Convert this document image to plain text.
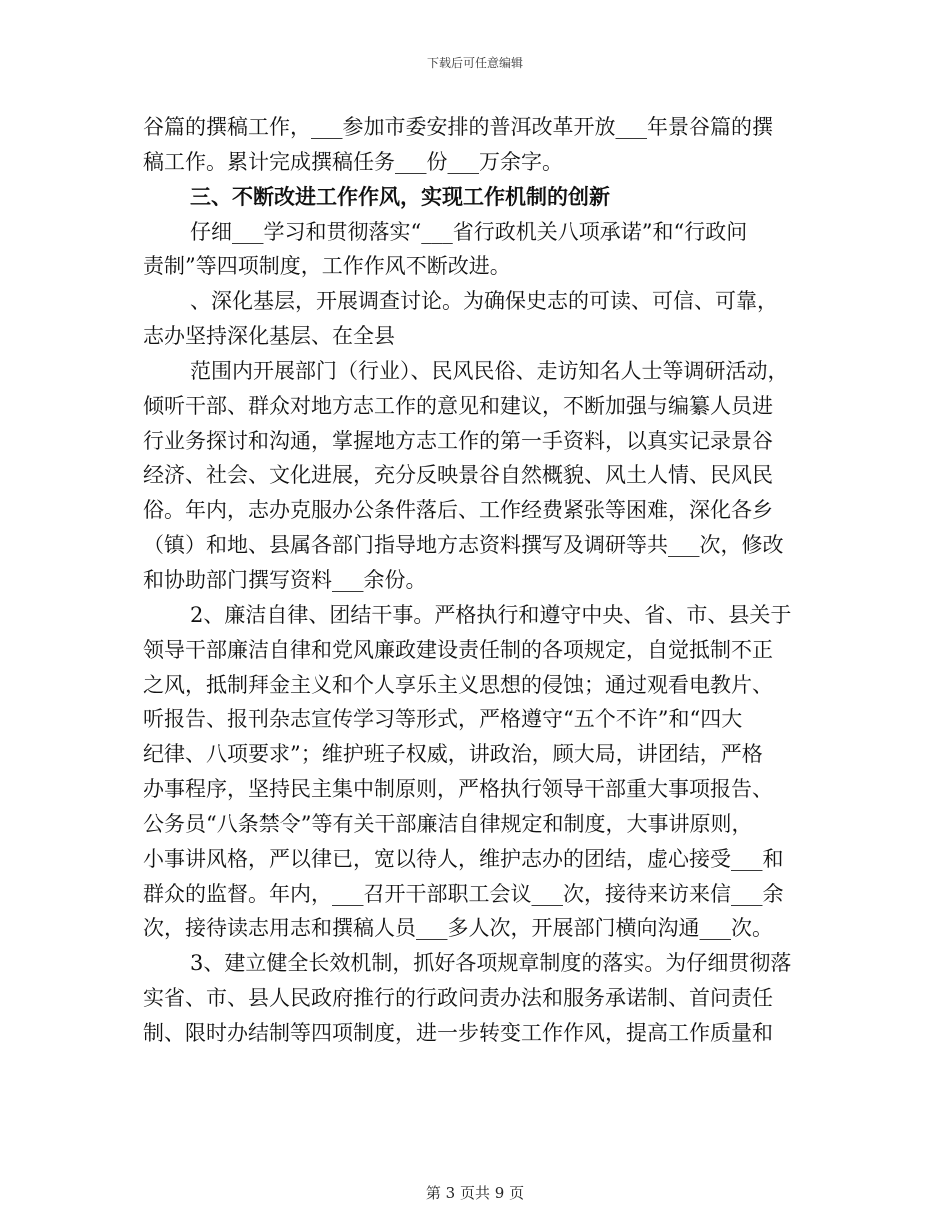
下载后可任意编辑
谷篇的撰稿工作，___参加市委安排的普洱改革开放___年景谷篇的撰
稿工作。累计完成撰稿任务___份___万余字。
三、不断改进工作作风，实现工作机制的创新
仔细___学习和贯彻落实“___省行政机关八项承诺”和“行政问
责制”等四项制度，工作作风不断改进。
、深化基层，开展调查讨论。为确保史志的可读、可信、可靠，
志办坚持深化基层、在全县
范围内开展部门（行业）、民风民俗、走访知名人士等调研活动，
倾听干部、群众对地方志工作的意见和建议，不断加强与编纂人员进
行业务探讨和沟通，掌握地方志工作的第一手资料，以真实记录景谷
经济、社会、文化进展，充分反映景谷自然概貌、风土人情、民风民
俗。年内，志办克服办公条件落后、工作经费紧张等困难，深化各乡
（镇）和地、县属各部门指导地方志资料撰写及调研等共___次，修改
和协助部门撰写资料___余份。
2、廉洁自律、团结干事。严格执行和遵守中央、省、市、县关于
领导干部廉洁自律和党风廉政建设责任制的各项规定，自觉抵制不正
之风，抵制拜金主义和个人享乐主义思想的侵蚀；通过观看电教片、
听报告、报刊杂志宣传学习等形式，严格遵守“五个不许”和“四大
纪律、八项要求”；维护班子权威，讲政治，顾大局，讲团结，严格
办事程序，坚持民主集中制原则，严格执行领导干部重大事项报告、
公务员“八条禁令”等有关干部廉洁自律规定和制度，大事讲原则，
小事讲风格，严以律已，宽以待人，维护志办的团结，虚心接受___和
群众的监督。年内，___召开干部职工会议___次，接待来访来信___余
次，接待读志用志和撰稿人员___多人次，开展部门横向沟通___次。
3、建立健全长效机制，抓好各项规章制度的落实。为仔细贯彻落
实省、市、县人民政府推行的行政问责办法和服务承诺制、首问责任
制、限时办结制等四项制度，进一步转变工作作风，提高工作质量和
第 3 页共 9 页
